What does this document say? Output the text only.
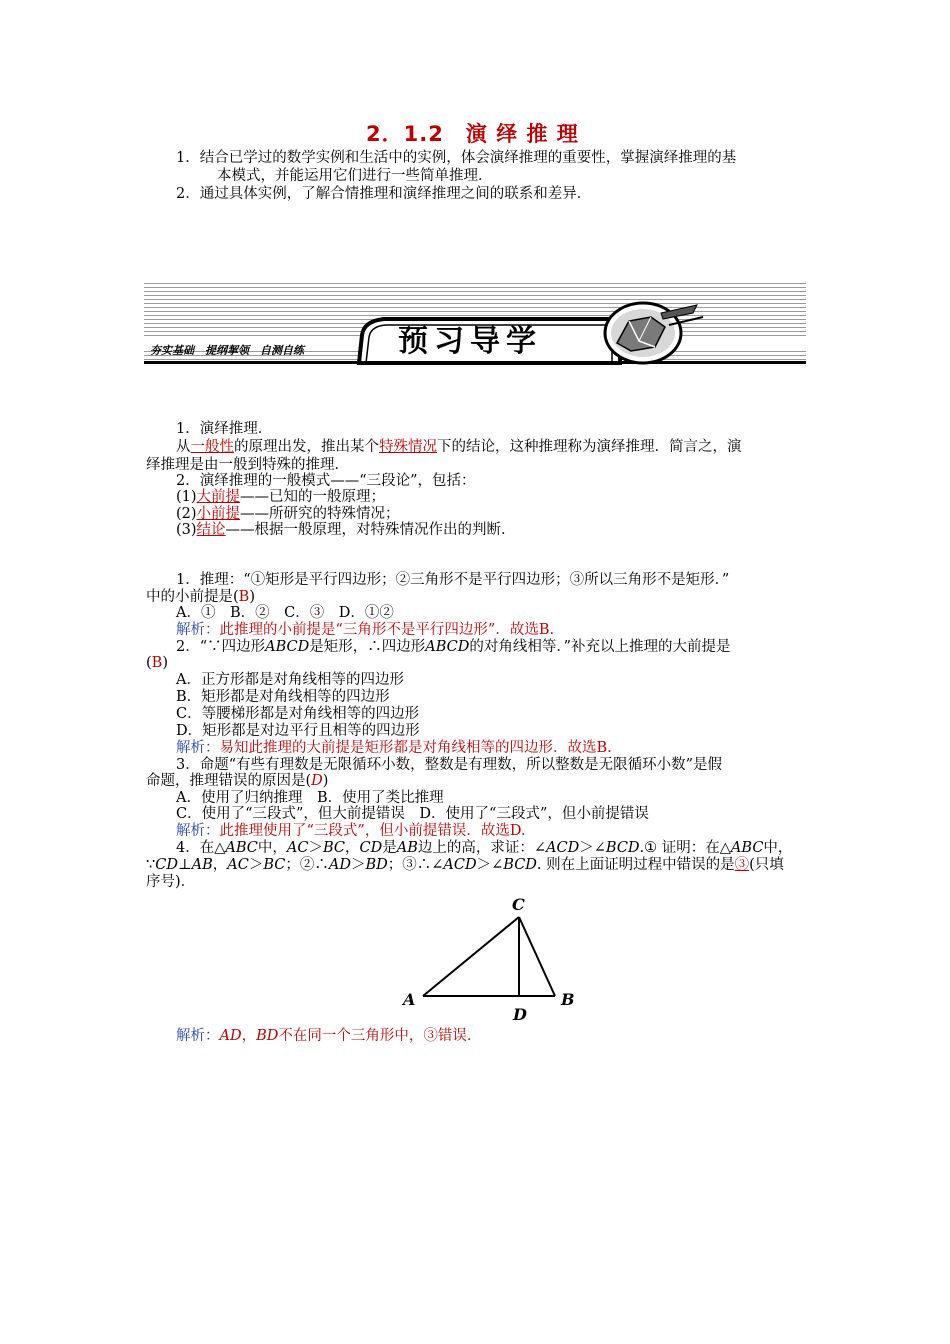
2．1.2　演 绎 推 理
1．结合已学过的数学实例和生活中的实例，体会演绎推理的重要性，掌握演绎推理的基
本模式，并能运用它们进行一些简单推理．
2．通过具体实例，了解合情推理和演绎推理之间的联系和差异．
夯实基础　提纲挈领　自测自练	预习导学
1．演绎推理．
从一般性的原理出发，推出某个特殊情况下的结论，这种推理称为演绎推理．简言之，演
绎推理是由一般到特殊的推理．
2．演绎推理的一般模式——“三段论”，包括：
(1)大前提——已知的一般原理；
(2)小前提——所研究的特殊情况；
(3)结论——根据一般原理，对特殊情况作出的判断．
1．推理：“①矩形是平行四边形；②三角形不是平行四边形；③所以三角形不是矩形．”
中的小前提是(B)
A．①　B．②　C．③　D．①②
解析：此推理的小前提是“三角形不是平行四边形”．故选B.
2．“∵四边形ABCD是矩形，∴四边形ABCD的对角线相等．”补充以上推理的大前提是
(B)
A．正方形都是对角线相等的四边形
B．矩形都是对角线相等的四边形
C．等腰梯形都是对角线相等的四边形
D．矩形都是对边平行且相等的四边形
解析：易知此推理的大前提是矩形都是对角线相等的四边形．故选B.
3．命题“有些有理数是无限循环小数，整数是有理数，所以整数是无限循环小数”是假
命题，推理错误的原因是(D)
A．使用了归纳推理　B．使用了类比推理
C．使用了“三段式”，但大前提错误　D．使用了“三段式”，但小前提错误
解析：此推理使用了“三段式”，但小前提错误．故选D.
4．在△ABC中，AC＞BC，CD是AB边上的高，求证：∠ACD＞∠BCD.① 证明：在△ABC中，
∵CD⊥AB，AC＞BC；②∴AD＞BD；③∴∠ACD＞∠BCD. 则在上面证明过程中错误的是③(只填
序号)．
A	B
C
D
解析：AD，BD不在同一个三角形中，③错误．
